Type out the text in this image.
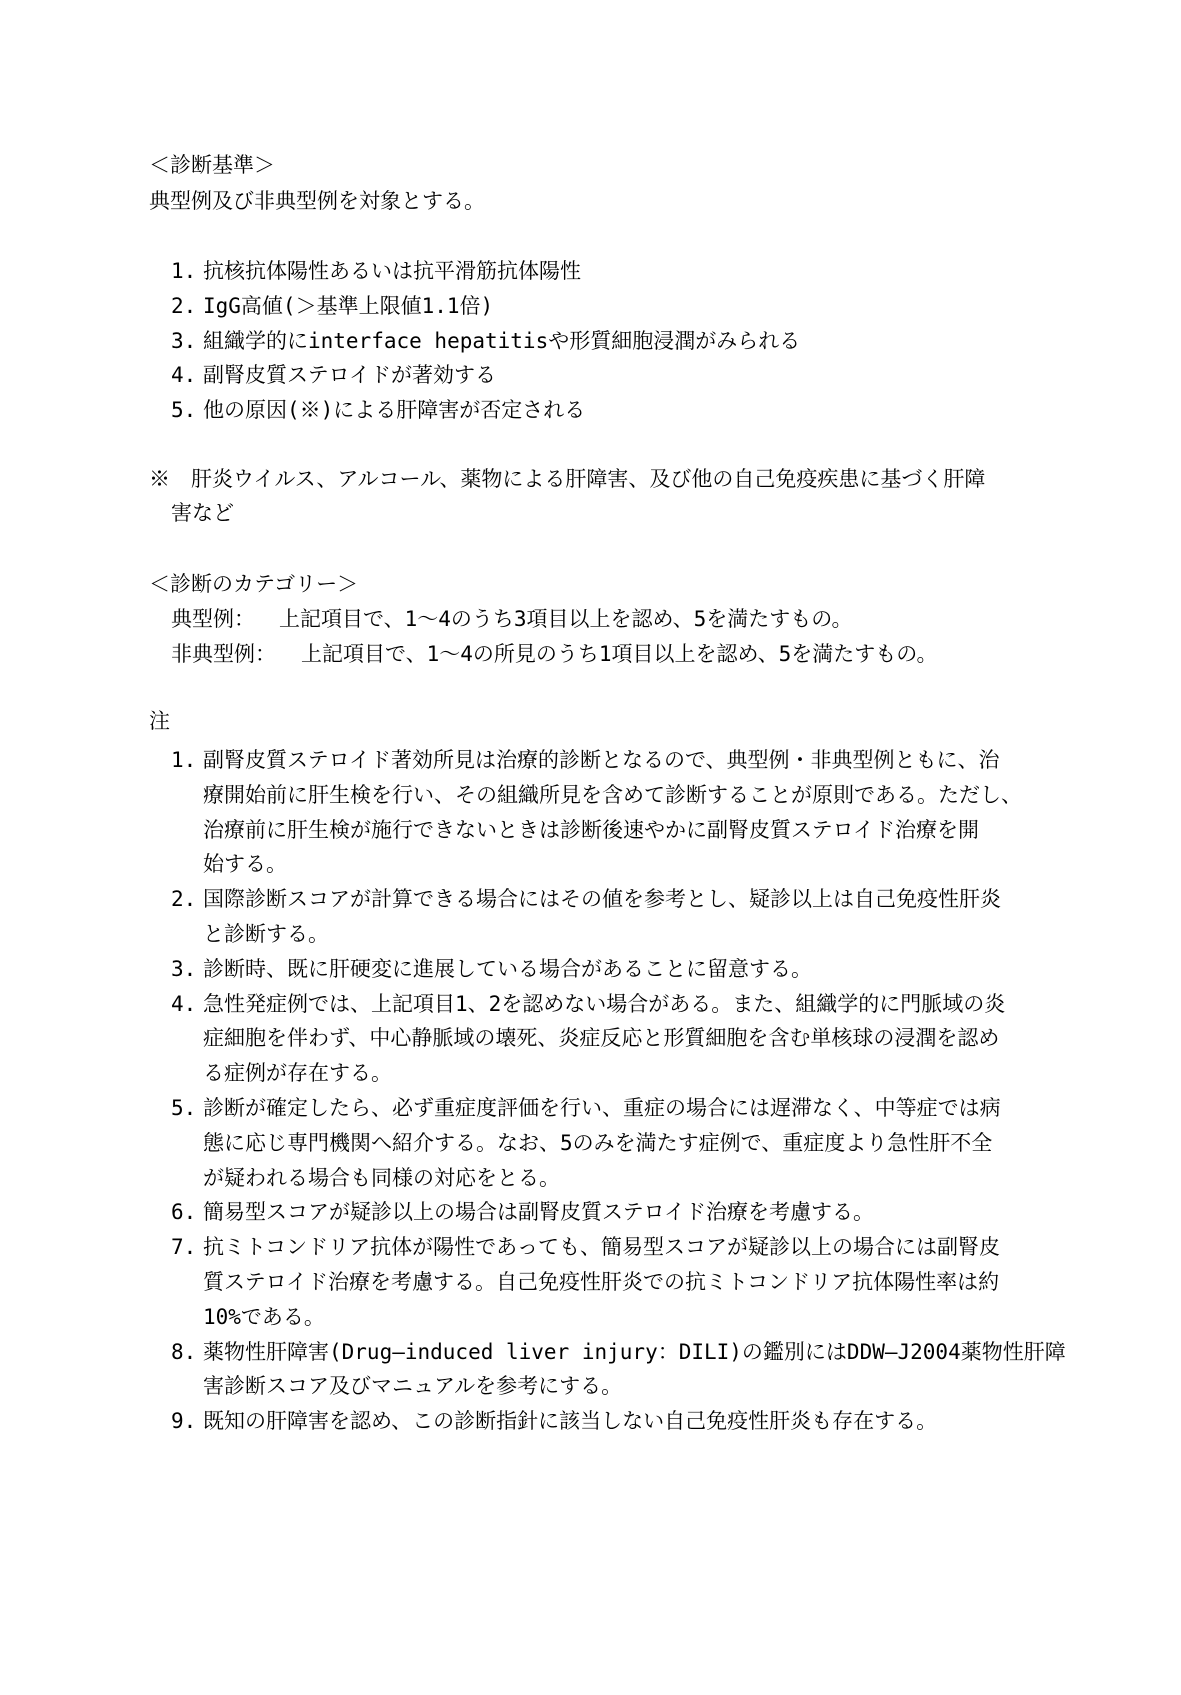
＜診断基準＞
典型例及び非典型例を対象とする。
1. 抗核抗体陽性あるいは抗平滑筋抗体陽性
2. IgG高値(＞基準上限値1.1倍)
3. 組織学的にinterface hepatitisや形質細胞浸潤がみられる
4. 副腎皮質ステロイドが著効する
5. 他の原因(※)による肝障害が否定される
※　肝炎ウイルス、アルコール、薬物による肝障害、及び他の自己免疫疾患に基づく肝障
害など
＜診断のカテゴリー＞
典型例： 上記項目で、1～4のうち3項目以上を認め、5を満たすもの。
非典型例： 上記項目で、1～4の所見のうち1項目以上を認め、5を満たすもの。
注
1. 副腎皮質ステロイド著効所見は治療的診断となるので、典型例・非典型例ともに、治
療開始前に肝生検を行い、その組織所見を含めて診断することが原則である。ただし、
治療前に肝生検が施行できないときは診断後速やかに副腎皮質ステロイド治療を開
始する。
2. 国際診断スコアが計算できる場合にはその値を参考とし、疑診以上は自己免疫性肝炎
と診断する。
3. 診断時、既に肝硬変に進展している場合があることに留意する。
4. 急性発症例では、上記項目1、2を認めない場合がある。また、組織学的に門脈域の炎
症細胞を伴わず、中心静脈域の壊死、炎症反応と形質細胞を含む単核球の浸潤を認め
る症例が存在する。
5. 診断が確定したら、必ず重症度評価を行い、重症の場合には遅滞なく、中等症では病
態に応じ専門機関へ紹介する。なお、5のみを満たす症例で、重症度より急性肝不全
が疑われる場合も同様の対応をとる。
6. 簡易型スコアが疑診以上の場合は副腎皮質ステロイド治療を考慮する。
7. 抗ミトコンドリア抗体が陽性であっても、簡易型スコアが疑診以上の場合には副腎皮
質ステロイド治療を考慮する。自己免疫性肝炎での抗ミトコンドリア抗体陽性率は約
10%である。
8. 薬物性肝障害(Drug—induced liver injury：DILI)の鑑別にはDDW—J2004薬物性肝障
害診断スコア及びマニュアルを参考にする。
9. 既知の肝障害を認め、この診断指針に該当しない自己免疫性肝炎も存在する。
